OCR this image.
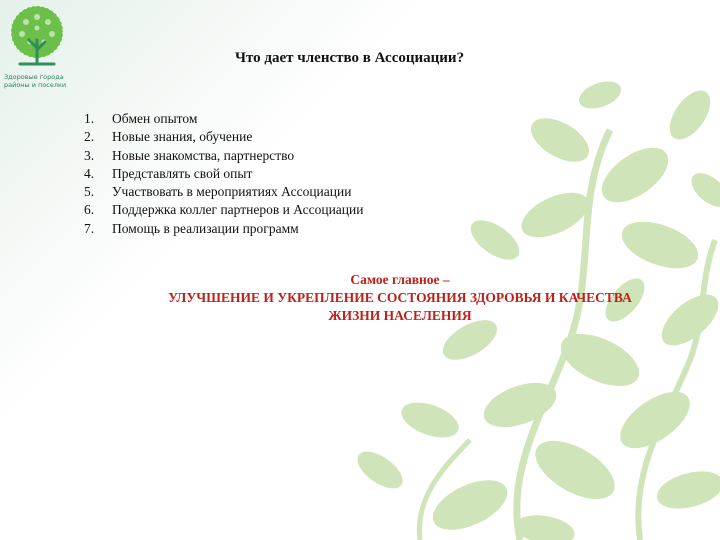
Здоровые города
районы и поселки
Что дает членство в Ассоциации?
1.	Обмен опытом
2.	Новые знания, обучение
3.	Новые знакомства, партнерство
4.	Представлять свой опыт
5.	Участвовать в мероприятиях Ассоциации
6.	Поддержка коллег партнеров и Ассоциации
7.	Помощь в реализации программ
Самое главное –
УЛУЧШЕНИЕ И УКРЕПЛЕНИЕ СОСТОЯНИЯ ЗДОРОВЬЯ И КАЧЕСТВА
ЖИЗНИ НАСЕЛЕНИЯ
